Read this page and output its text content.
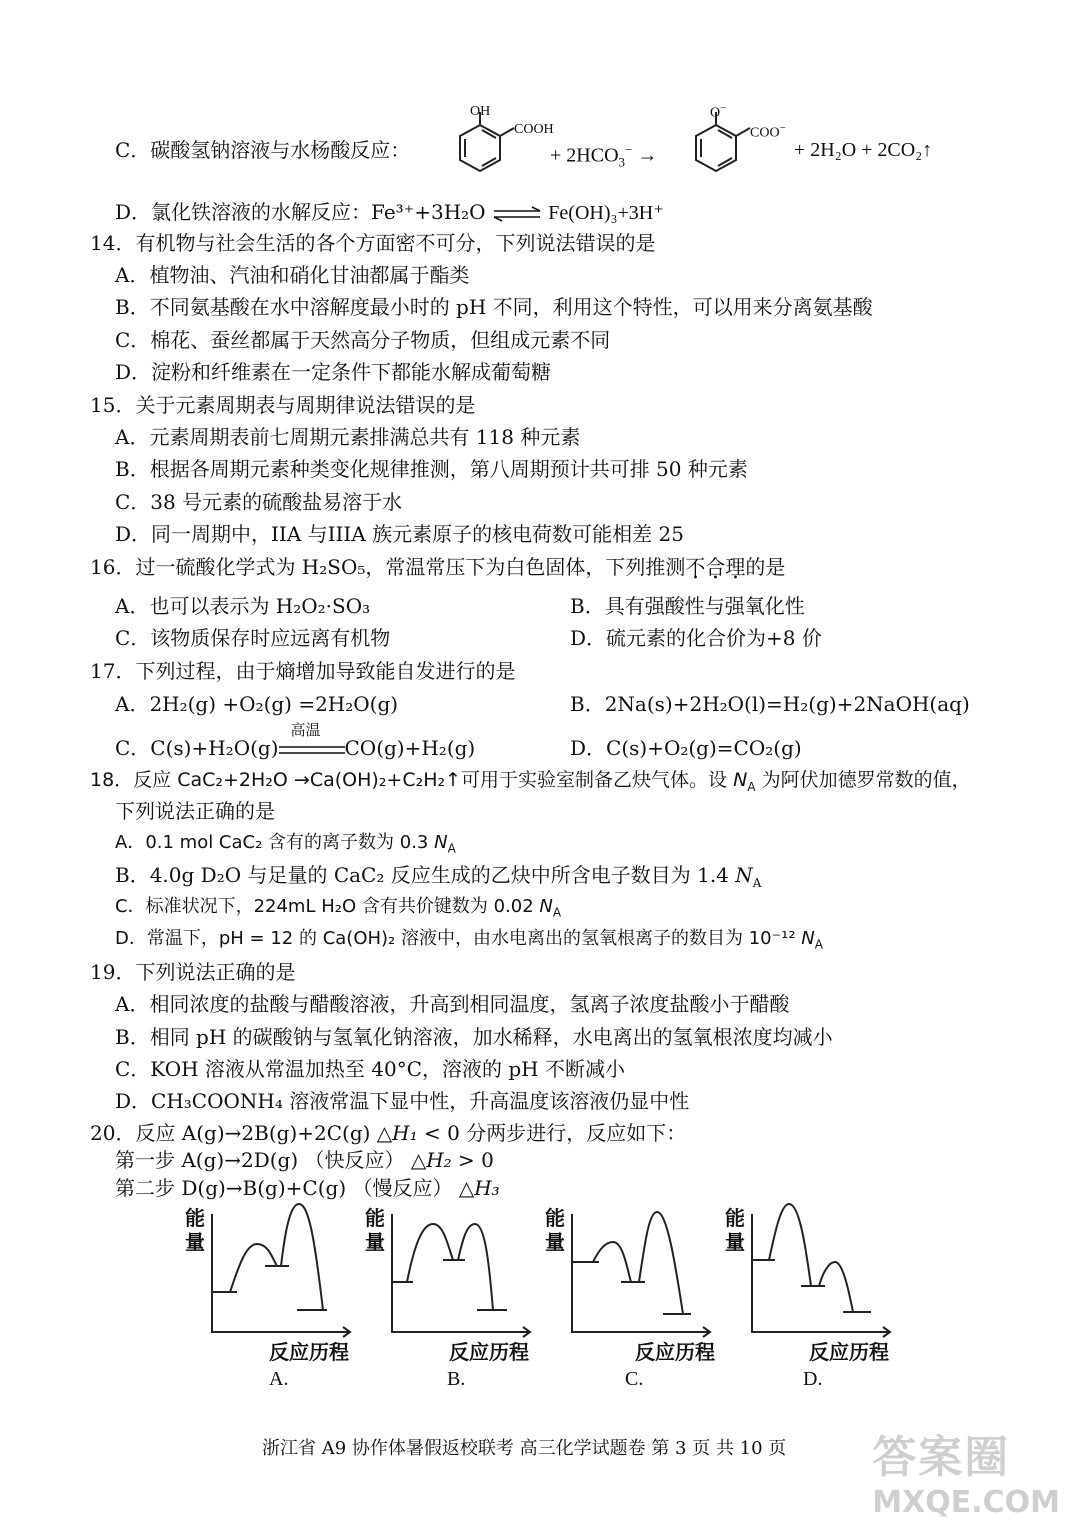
C．碳酸氢钠溶液与水杨酸反应：
OH
COOH
+ $2HCO_3^-$ →
O−
COO−
+ 2H₂O + 2CO₂↑
D．氯化铁溶液的水解反应：Fe³⁺+3H₂O	Fe(OH)₃+3H⁺
14．有机物与社会生活的各个方面密不可分，下列说法错误的是
A．植物油、汽油和硝化甘油都属于酯类
B．不同氨基酸在水中溶解度最小时的 pH 不同，利用这个特性，可以用来分离氨基酸
C．棉花、蚕丝都属于天然高分子物质，但组成元素不同
D．淀粉和纤维素在一定条件下都能水解成葡萄糖
15．关于元素周期表与周期律说法错误的是
A．元素周期表前七周期元素排满总共有 118 种元素
B．根据各周期元素种类变化规律推测，第八周期预计共可排 50 种元素
C．38 号元素的硫酸盐易溶于水
D．同一周期中，IIA 与IIIA 族元素原子的核电荷数可能相差 25
16．过一硫酸化学式为 H₂SO₅，常温常压下为白色固体，下列推测不合理的是
A．也可以表示为 H₂O₂·SO₃	B．具有强酸性与强氧化性
C．该物质保存时应远离有机物	D．硫元素的化合价为+8 价
17．下列过程，由于熵增加导致能自发进行的是
A．2H₂(g) +O₂(g) =2H₂O(g)	B．2Na(s)+2H₂O(l)=H₂(g)+2NaOH(aq)
C．C(s)+H₂O(g)
高温
CO(g)+H₂(g)	D．C(s)+O₂(g)=CO₂(g)
18．反应 CaC₂+2H₂O →Ca(OH)₂+C₂H₂↑可用于实验室制备乙炔气体。设 $N_A$ 为阿伏加德罗常数的值，
下列说法正确的是
A．0.1 mol CaC₂ 含有的离子数为 0.3 $N_A$
B．4.0g D₂O 与足量的 CaC₂ 反应生成的乙炔中所含电子数目为 1.4 $N_A$
C．标准状况下，224mL H₂O 含有共价键数为 0.02 $N_A$
D．常温下，pH = 12 的 Ca(OH)₂ 溶液中，由水电离出的氢氧根离子的数目为 10⁻¹² $N_A$
19．下列说法正确的是
A．相同浓度的盐酸与醋酸溶液，升高到相同温度，氢离子浓度盐酸小于醋酸
B．相同 pH 的碳酸钠与氢氧化钠溶液，加水稀释，水电离出的氢氧根浓度均减小
C．KOH 溶液从常温加热至 40°C，溶液的 pH 不断减小
D．CH₃COONH₄ 溶液常温下显中性，升高温度该溶液仍显中性
20．反应 A(g)→2B(g)+2C(g) △H₁ < 0 分两步进行，反应如下：
第一步 A(g)→2D(g) （快反应） △H₂ > 0
第二步 D(g)→B(g)+C(g) （慢反应） △H₃
能
量
反应历程
A.
能
量
反应历程
B.
能
量
反应历程
C.
能
量
反应历程
D.
浙江省 A9 协作体暑假返校联考 高三化学试题卷 第 3 页 共 10 页 答案圈
MXQE.COM
